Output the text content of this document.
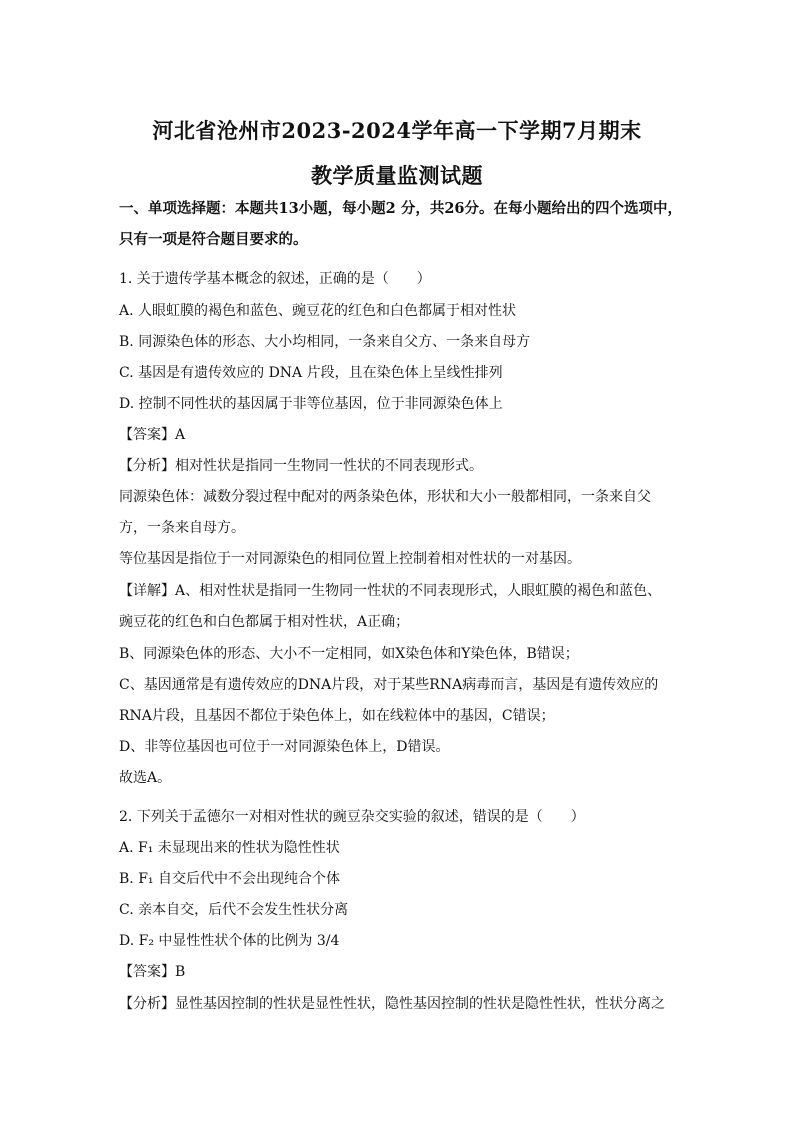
河北省沧州市2023-2024学年高一下学期7月期末
教学质量监测试题
一、单项选择题：本题共13小题，每小题2 分，共26分。在每小题给出的四个选项中，
只有一项是符合题目要求的。
1. 关于遗传学基本概念的叙述，正确的是（　　）
A. 人眼虹膜的褐色和蓝色、豌豆花的红色和白色都属于相对性状
B. 同源染色体的形态、大小均相同，一条来自父方、一条来自母方
C. 基因是有遗传效应的 DNA 片段，且在染色体上呈线性排列
D. 控制不同性状的基因属于非等位基因，位于非同源染色体上
【答案】A
【分析】相对性状是指同一生物同一性状的不同表现形式。
同源染色体：减数分裂过程中配对的两条染色体，形状和大小一般都相同，一条来自父
方，一条来自母方。
等位基因是指位于一对同源染色的相同位置上控制着相对性状的一对基因。
【详解】A、相对性状是指同一生物同一性状的不同表现形式，人眼虹膜的褐色和蓝色、
豌豆花的红色和白色都属于相对性状，A正确；
B、同源染色体的形态、大小不一定相同，如X染色体和Y染色体，B错误；
C、基因通常是有遗传效应的DNA片段，对于某些RNA病毒而言，基因是有遗传效应的
RNA片段，且基因不都位于染色体上，如在线粒体中的基因，C错误；
D、非等位基因也可位于一对同源染色体上，D错误。
故选A。
2. 下列关于孟德尔一对相对性状的豌豆杂交实验的叙述，错误的是（　　）
A. F₁ 未显现出来的性状为隐性性状
B. F₁ 自交后代中不会出现纯合个体
C. 亲本自交，后代不会发生性状分离
D. F₂ 中显性性状个体的比例为 3/4
【答案】B
【分析】显性基因控制的性状是显性性状，隐性基因控制的性状是隐性性状，性状分离之
